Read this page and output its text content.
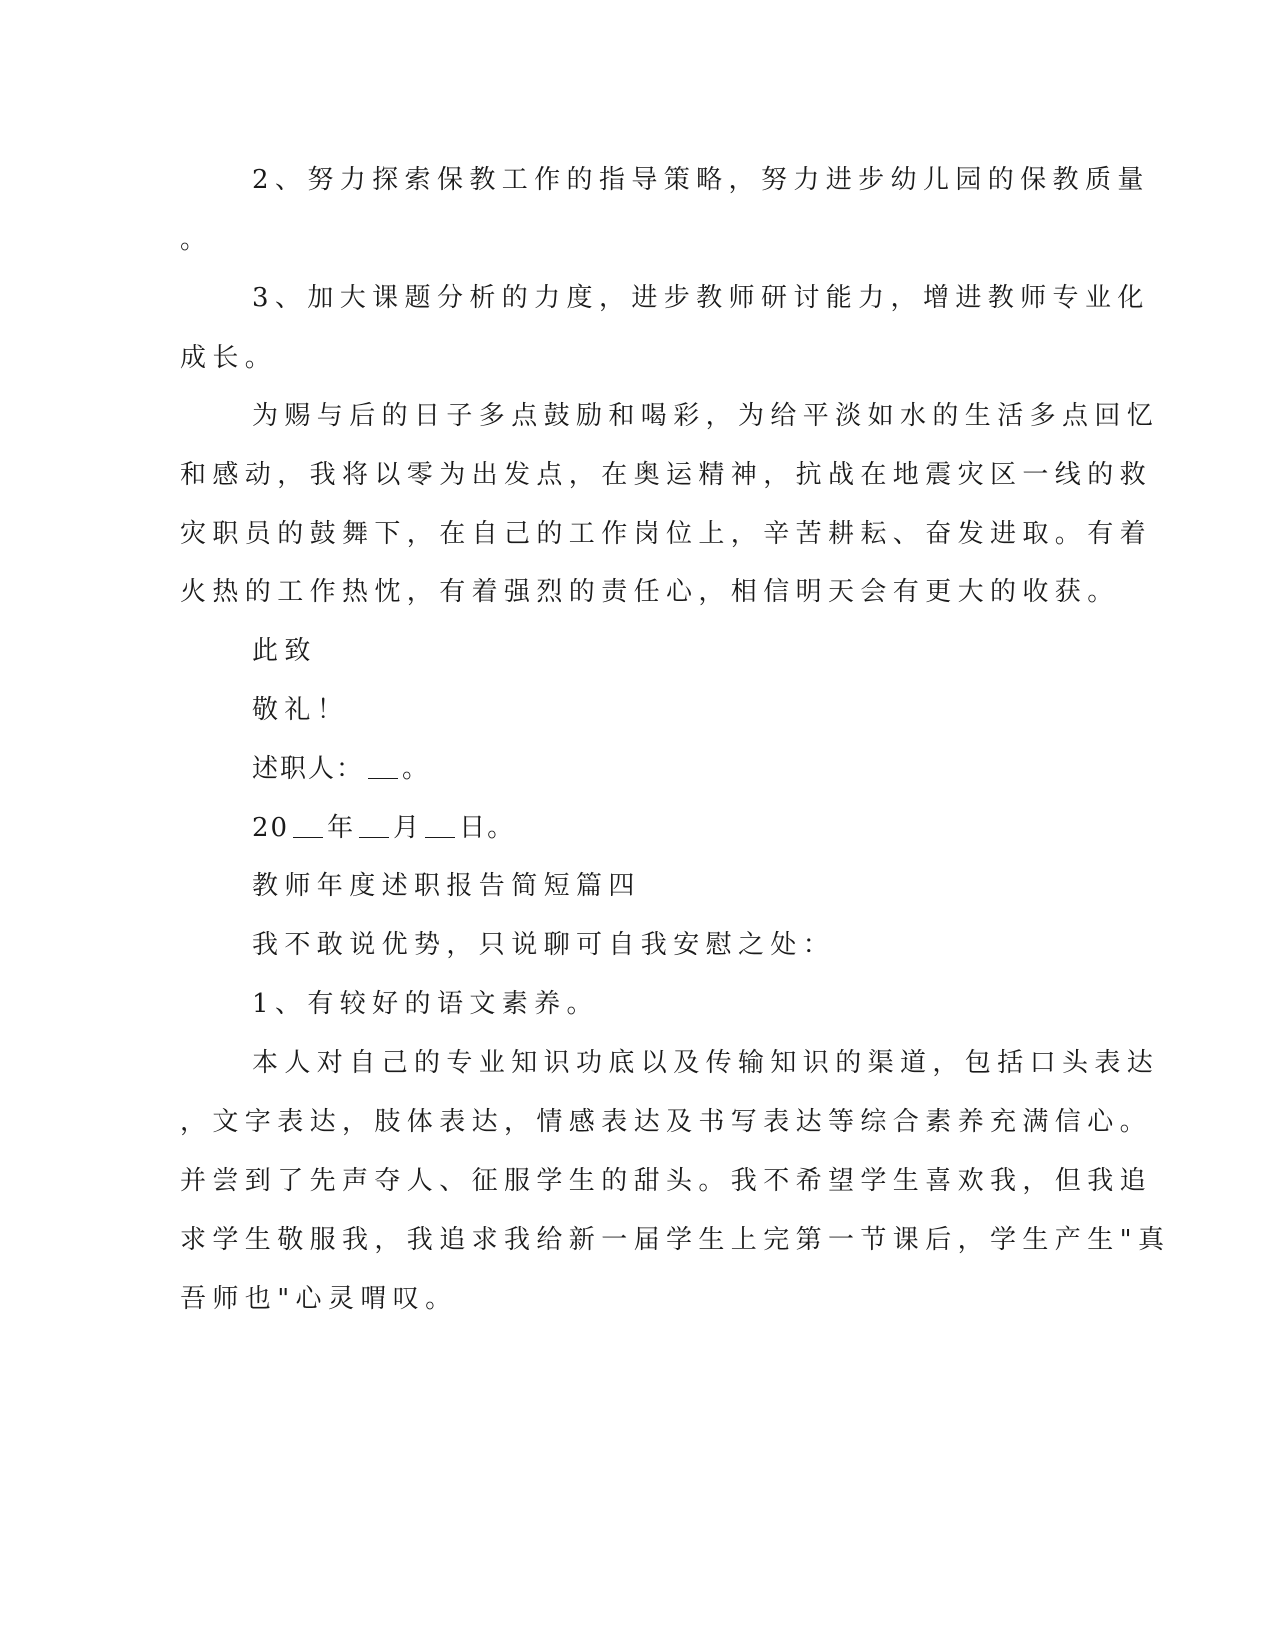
2、努力探索保教工作的指导策略，努力进步幼儿园的保教质量
。
3、加大课题分析的力度，进步教师研讨能力，增进教师专业化
成长。
为赐与后的日子多点鼓励和喝彩，为给平淡如水的生活多点回忆
和感动，我将以零为出发点，在奥运精神，抗战在地震灾区一线的救
灾职员的鼓舞下，在自己的工作岗位上，辛苦耕耘、奋发进取。有着
火热的工作热忱，有着强烈的责任心，相信明天会有更大的收获。
此致
敬礼！
述职人： 。
20 年 月 日。
教师年度述职报告简短篇四
我不敢说优势，只说聊可自我安慰之处：
1、有较好的语文素养。
本人对自己的专业知识功底以及传输知识的渠道，包括口头表达
，文字表达，肢体表达，情感表达及书写表达等综合素养充满信心。
并尝到了先声夺人、征服学生的甜头。我不希望学生喜欢我，但我追
求学生敬服我，我追求我给新一届学生上完第一节课后，学生产生"真
吾师也"心灵喟叹。
